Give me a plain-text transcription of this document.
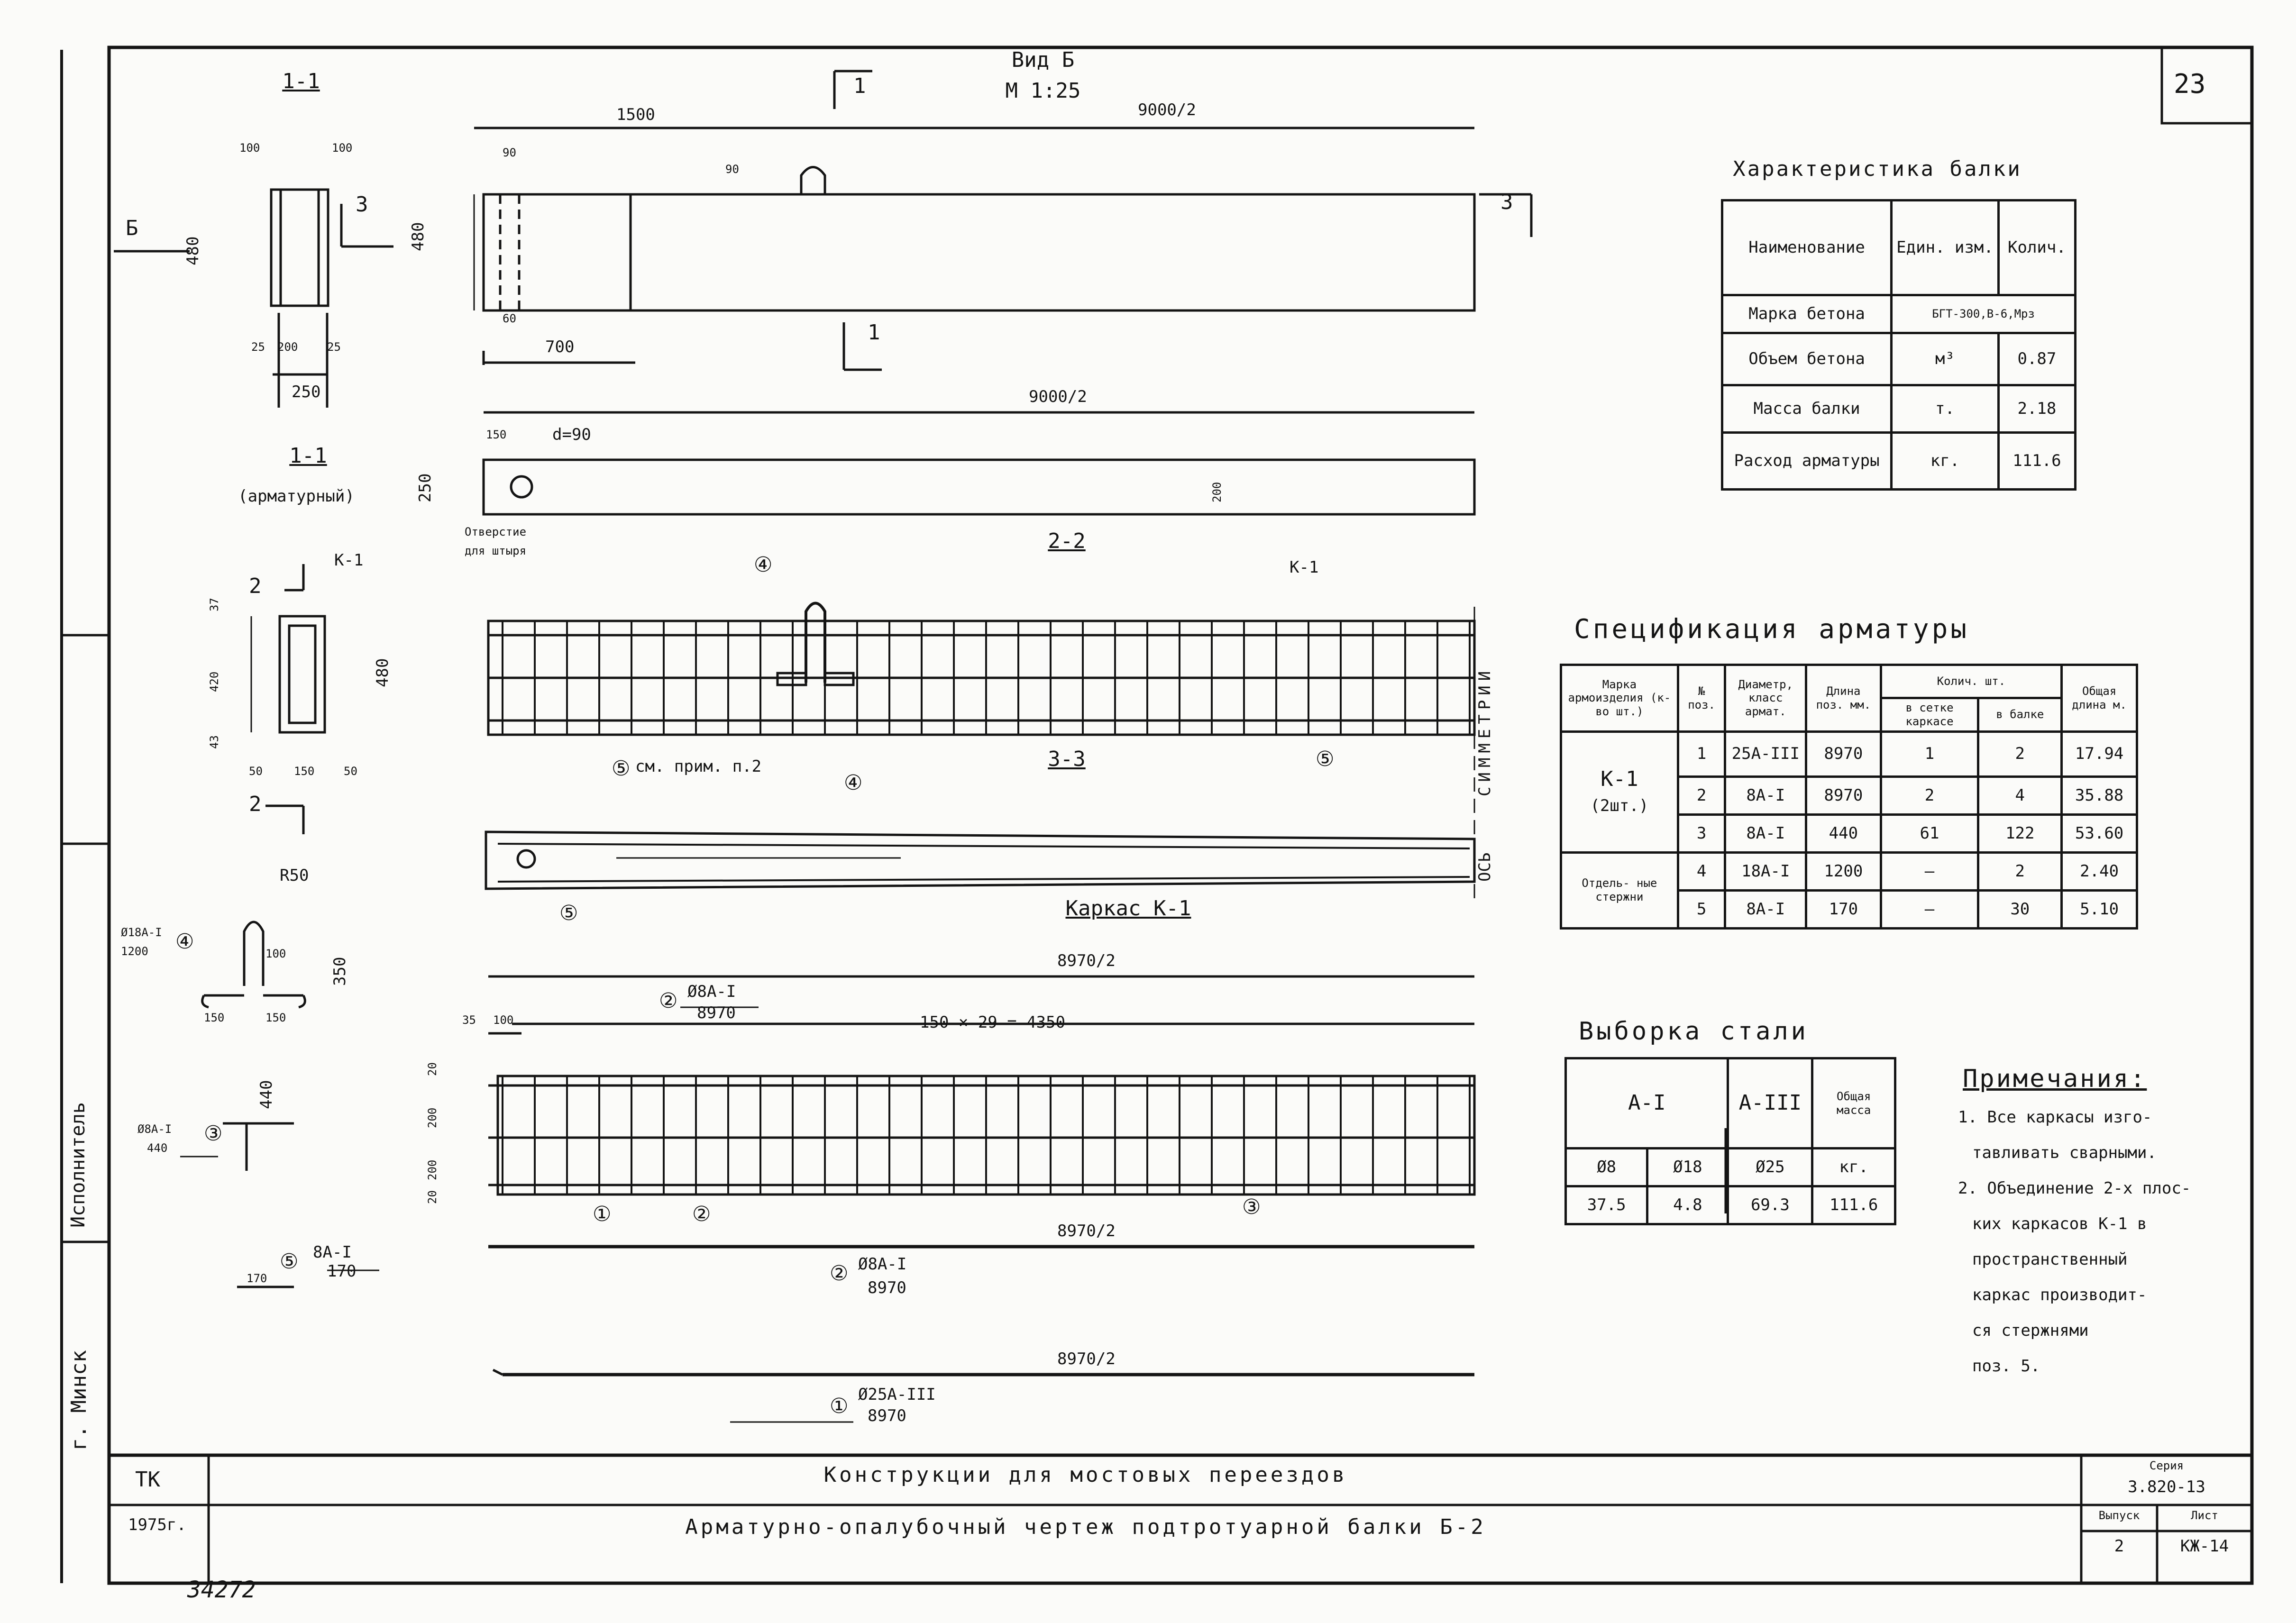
23
г. Минск
Исполнитель
34272
ТК
1975г.
Конструкции для мостовых переездов
Арматурно-опалубочный чертеж подтротуарной балки Б-2
Серия
3.820-13
Выпуск
2
Лист
КЖ-14
1-1
1-1
(арматурный)
Вид Б
М 1:25
2-2
3-3
Каркас К-1
СИММЕТРИИ
ОСЬ
Отверстие
для штыря
см. прим. п.2
1500	9000/2
9000/2
90
90
480
700
60
150	d=90
250	200
100	100
480
25 200	25
250
37
420
43
480
50	150	50
R50
100
350
150	150
8970/2
8970/2
8970/2
150 × 29 = 4350
35 100
440
170
20
200
200
20
Б
3	3
1
1
2
2
К-1	К-1
④
④
⑤	⑤
⑤
①	②	③
② Ø8А-I
8970
② Ø8А-I
8970
① Ø25А-III
8970
④
Ø18А-I
1200
③
Ø8А-I
440
⑤ 8А-I
170
Характеристика балки
Наименование	Един. изм.	Колич.
Марка бетона	БГТ-300,В-6,Мрз	
Объем бетона	м³	0.87
Масса балки	т.	2.18
Расход арматуры	кг.	111.6
Спецификация арматуры
Марка армоизделия (к-во шт.)	№ поз.	Диаметр, класс армат.	Длина поз. мм.	Колич. шт.		Общая длина м.
				в сетке каркасе	в балке	
К-1
(2шт.)	1	25А-III	8970	1	2	17.94
	2	8А-I	8970	2	4	35.88
	3	8А-I	440	61	122	53.60
Отдель- ные стержни	4	18А-I	1200	—	2	2.40
	5	8А-I	170	—	30	5.10
Выборка стали
А-I		А-III	Общая масса
Ø8	Ø18	Ø25	кг.
37.5	4.8	69.3	111.6
Примечания:
1. Все каркасы изго-
тавливать сварными.
2. Объединение 2-х плос-
ких каркасов К-1 в
пространственный
каркас производит-
ся стержнями
поз. 5.
